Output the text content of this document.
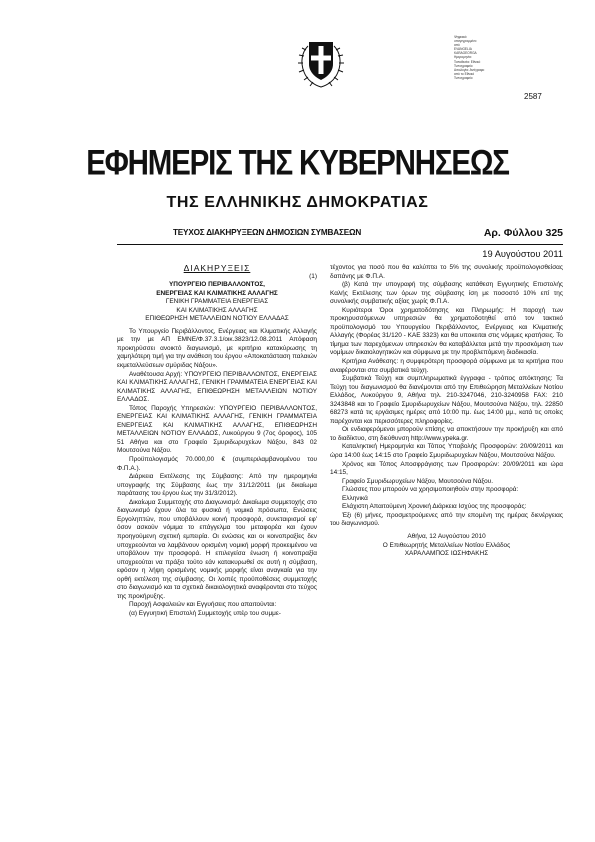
Ψηφιακά
υπογεγραμμένο
από
EVANGELIA
KARAGEORGA
Ημερομηνία:
Τοποθεσία: Εθνικό
Τυπογραφείο
Αιτιολογία: Αντίγραφο
από το Εθνικό
Τυπογραφείο
2587
ΕΦΗΜΕΡΙΣ ΤΗΣ ΚΥΒΕΡΝΗΣΕΩΣ
ΤΗΣ ΕΛΛΗΝΙΚΗΣ ΔΗΜΟΚΡΑΤΙΑΣ
ΤΕΥΧΟΣ ΔΙΑΚΗΡΥΞΕΩΝ ΔΗΜΟΣΙΩΝ ΣΥΜΒΑΣΕΩΝ	Αρ. Φύλλου 325
19 Αυγούστου 2011

ΔΙΑΚΗΡΥΞΕΙΣ

(1)

ΥΠΟΥΡΓΕΙΟ ΠΕΡΙΒΑΛΛΟΝΤΟΣ,

ΕΝΕΡΓΕΙΑΣ ΚΑΙ ΚΛΙΜΑΤΙΚΗΣ ΑΛΛΑΓΗΣ

ΓΕΝΙΚΗ ΓΡΑΜΜΑΤΕΙΑ ΕΝΕΡΓΕΙΑΣ

ΚΑΙ ΚΛΙΜΑΤΙΚΗΣ ΑΛΛΑΓΗΣ

ΕΠΙΘΕΩΡΗΣΗ ΜΕΤΑΛΛΕΙΩΝ ΝΟΤΙΟΥ ΕΛΛΑΔΑΣ

Το Υπουργείο Περιβάλλοντος, Ενέργειας και Κλιματικής Αλλαγής με την με ΑΠ ΕΜΝΕ/Φ.37.3.1/οικ.3823/12.08.2011 Απόφαση προκηρύσσει ανοικτό διαγωνισμό, με κριτήριο κατακύρωσης τη χαμηλότερη τιμή για την ανάθεση του έργου «Αποκατάσταση παλαιών εκμεταλλεύσεων σμύριδας Νάξου».

Αναθέτουσα Αρχή: ΥΠΟΥΡΓΕΙΟ ΠΕΡΙΒΑΛΛΟΝΤΟΣ, ΕΝΕΡΓΕΙΑΣ ΚΑΙ ΚΛΙΜΑΤΙΚΗΣ ΑΛΛΑΓΗΣ, ΓΕΝΙΚΗ ΓΡΑΜΜΑΤΕΙΑ ΕΝΕΡΓΕΙΑΣ ΚΑΙ ΚΛΙΜΑΤΙΚΗΣ ΑΛΛΑΓΗΣ, ΕΠΙΘΕΩΡΗΣΗ ΜΕΤΑΛΛΕΙΩΝ ΝΟΤΙΟΥ ΕΛΛΑΔΟΣ.

Τόπος Παροχής Υπηρεσιών: ΥΠΟΥΡΓΕΙΟ ΠΕΡΙΒΑΛΛΟΝΤΟΣ, ΕΝΕΡΓΕΙΑΣ ΚΑΙ ΚΛΙΜΑΤΙΚΗΣ ΑΛΛΑΓΗΣ, ΓΕΝΙΚΗ ΓΡΑΜΜΑΤΕΙΑ ΕΝΕΡΓΕΙΑΣ ΚΑΙ ΚΛΙΜΑΤΙΚΗΣ ΑΛΛΑΓΗΣ, ΕΠΙΘΕΩΡΗΣΗ ΜΕΤΑΛΛΕΙΩΝ ΝΟΤΙΟΥ ΕΛΛΑΔΟΣ, Λυκούργου 9 (7ος όροφος), 105 51 Αθήνα και στο Γραφείο Σμυριδωρυχείων Νάξου, 843 02 Μουτσούνα Νάξου.

Προϋπολογισμός 70.000,00 € (συμπεριλαμβανομένου του Φ.Π.Α.).

Διάρκεια Εκτέλεσης της Σύμβασης: Από την ημερομηνία υπογραφής της Σύμβασης έως την 31/12/2011 (με δικαίωμα παράτασης του έργου έως την 31/3/2012).

Δικαίωμα Συμμετοχής στο Διαγωνισμό: Δικαίωμα συμμετοχής στο διαγωνισμό έχουν όλα τα φυσικά ή νομικά πρόσωπα, Ενώσεις Εργοληπτών, που υποβάλλουν κοινή προσφορά, συνεταιρισμοί εφ' όσον ασκούν νόμιμα το επάγγελμα του μεταφορέα και έχουν προηγούμενη σχετική εμπειρία. Οι ενώσεις και οι κοινοπραξίες δεν υποχρεούνται να λαμβάνουν ορισμένη νομική μορφή προκειμένου να υποβάλουν την προσφορά. Η επιλεγείσα ένωση ή κοινοπραξία υποχρεούται να πράξει τούτο εάν κατακυρωθεί σε αυτή η σύμβαση, εφόσον η λήψη ορισμένης νομικής μορφής είναι αναγκαία για την ορθή εκτέλεση της σύμβασης. Οι λοιπές προϋποθέσεις συμμετοχής στο διαγωνισμό και τα σχετικά δικαιολογητικά αναφέρονται στο τεύχος της προκήρυξης.

Παροχή Ασφαλειών και Εγγυήσεις που απαιτούνται:

(α) Εγγυητική Επιστολή Συμμετοχής υπέρ του συμμε-

τέχοντος για ποσό που θα καλύπτει το 5% της συνολικής προϋπολογισθείσας δαπάνης με Φ.Π.Α.

(β) Κατά την υπογραφή της σύμβασης κατάθεση Εγγυητικής Επιστολής Καλής Εκτέλεσης των όρων της σύμβασης ίση με ποσοστό 10% επί της συνολικής συμβατικής αξίας χωρίς Φ.Π.Α.

Κυριότεροι Όροι χρηματοδότησης και Πληρωμής: Η παροχή των προκηρυσσόμενων υπηρεσιών θα χρηματοδοτηθεί από τον τακτικό προϋπολογισμό του Υπουργείου Περιβάλλοντος, Ενέργειας και Κλιματικής Αλλαγής (Φορέας 31/120 - ΚΑΕ 3323) και θα υποκειται στις νόμιμες κρατήσεις. Το τίμημα των παρεχόμενων υπηρεσιών θα καταβάλλεται μετά την προσκόμιση των νομίμων δικαιολογητικών και σύμφωνα με την προβλεπόμενη διαδικασία.

Κριτήρια Ανάθεσης: η συμφερότερη προσφορά σύμφωνα με τα κριτήρια που αναφέρονται στα συμβατικά τεύχη.

Συμβατικά Τεύχη και συμπληρωματικά έγγραφα - τρόπος απόκτησης: Τα Τεύχη του διαγωνισμού θα διανέμονται από την Επιθεώρηση Μεταλλείων Νοτίου Ελλάδος, Λυκούργου 9, Αθήνα τηλ. 210-3247046, 210-3240958 FAX: 210 3243848 και το Γραφείο Σμυριδωρυχείων Νάξου, Μουτσούνα Νάξου, τηλ. 22850 68273 κατά τις εργάσιμες ημέρες από 10:00 πμ. έως 14:00 μμ., κατά τις οποίες παρέχονται και περισσότερες πληροφορίες.

Οι ενδιαφερόμενοι μπορούν επίσης να αποκτήσουν την προκήρυξη και από το διαδίκτυο, στη διεύθυνση http://www.ypeka.gr.

Καταληκτική Ημερομηνία και Τόπος Υποβολής Προσφορών: 20/09/2011 και ώρα 14:00 έως 14:15 στο Γραφείο Σμυριδωρυχείων Νάξου, Μουτσούνα Νάξου.

Χρόνος και Τόπος Αποσφράγισης των Προσφορών: 20/09/2011 και ώρα 14:15,

Γραφείο Σμυριδωρυχείων Νάξου, Μουτσούνα Νάξου.

Γλώσσες που μπορούν να χρησιμοποιηθούν στην προσφορά:

Ελληνικά

Ελάχιστη Απαιτούμενη Χρονική Διάρκεια Ισχύος της προσφοράς:

Έξι (6) μήνες, προσμετρούμενες από την επομένη της ημέρας διενέργειας του διαγωνισμού.

Αθήνα, 12 Αυγούστου 2010

Ο Επιθεωρητής Μεταλλείων Νοτίου Ελλάδος

ΧΑΡΑΛΑΜΠΟΣ ΙΩΣΗΦΑΚΗΣ
